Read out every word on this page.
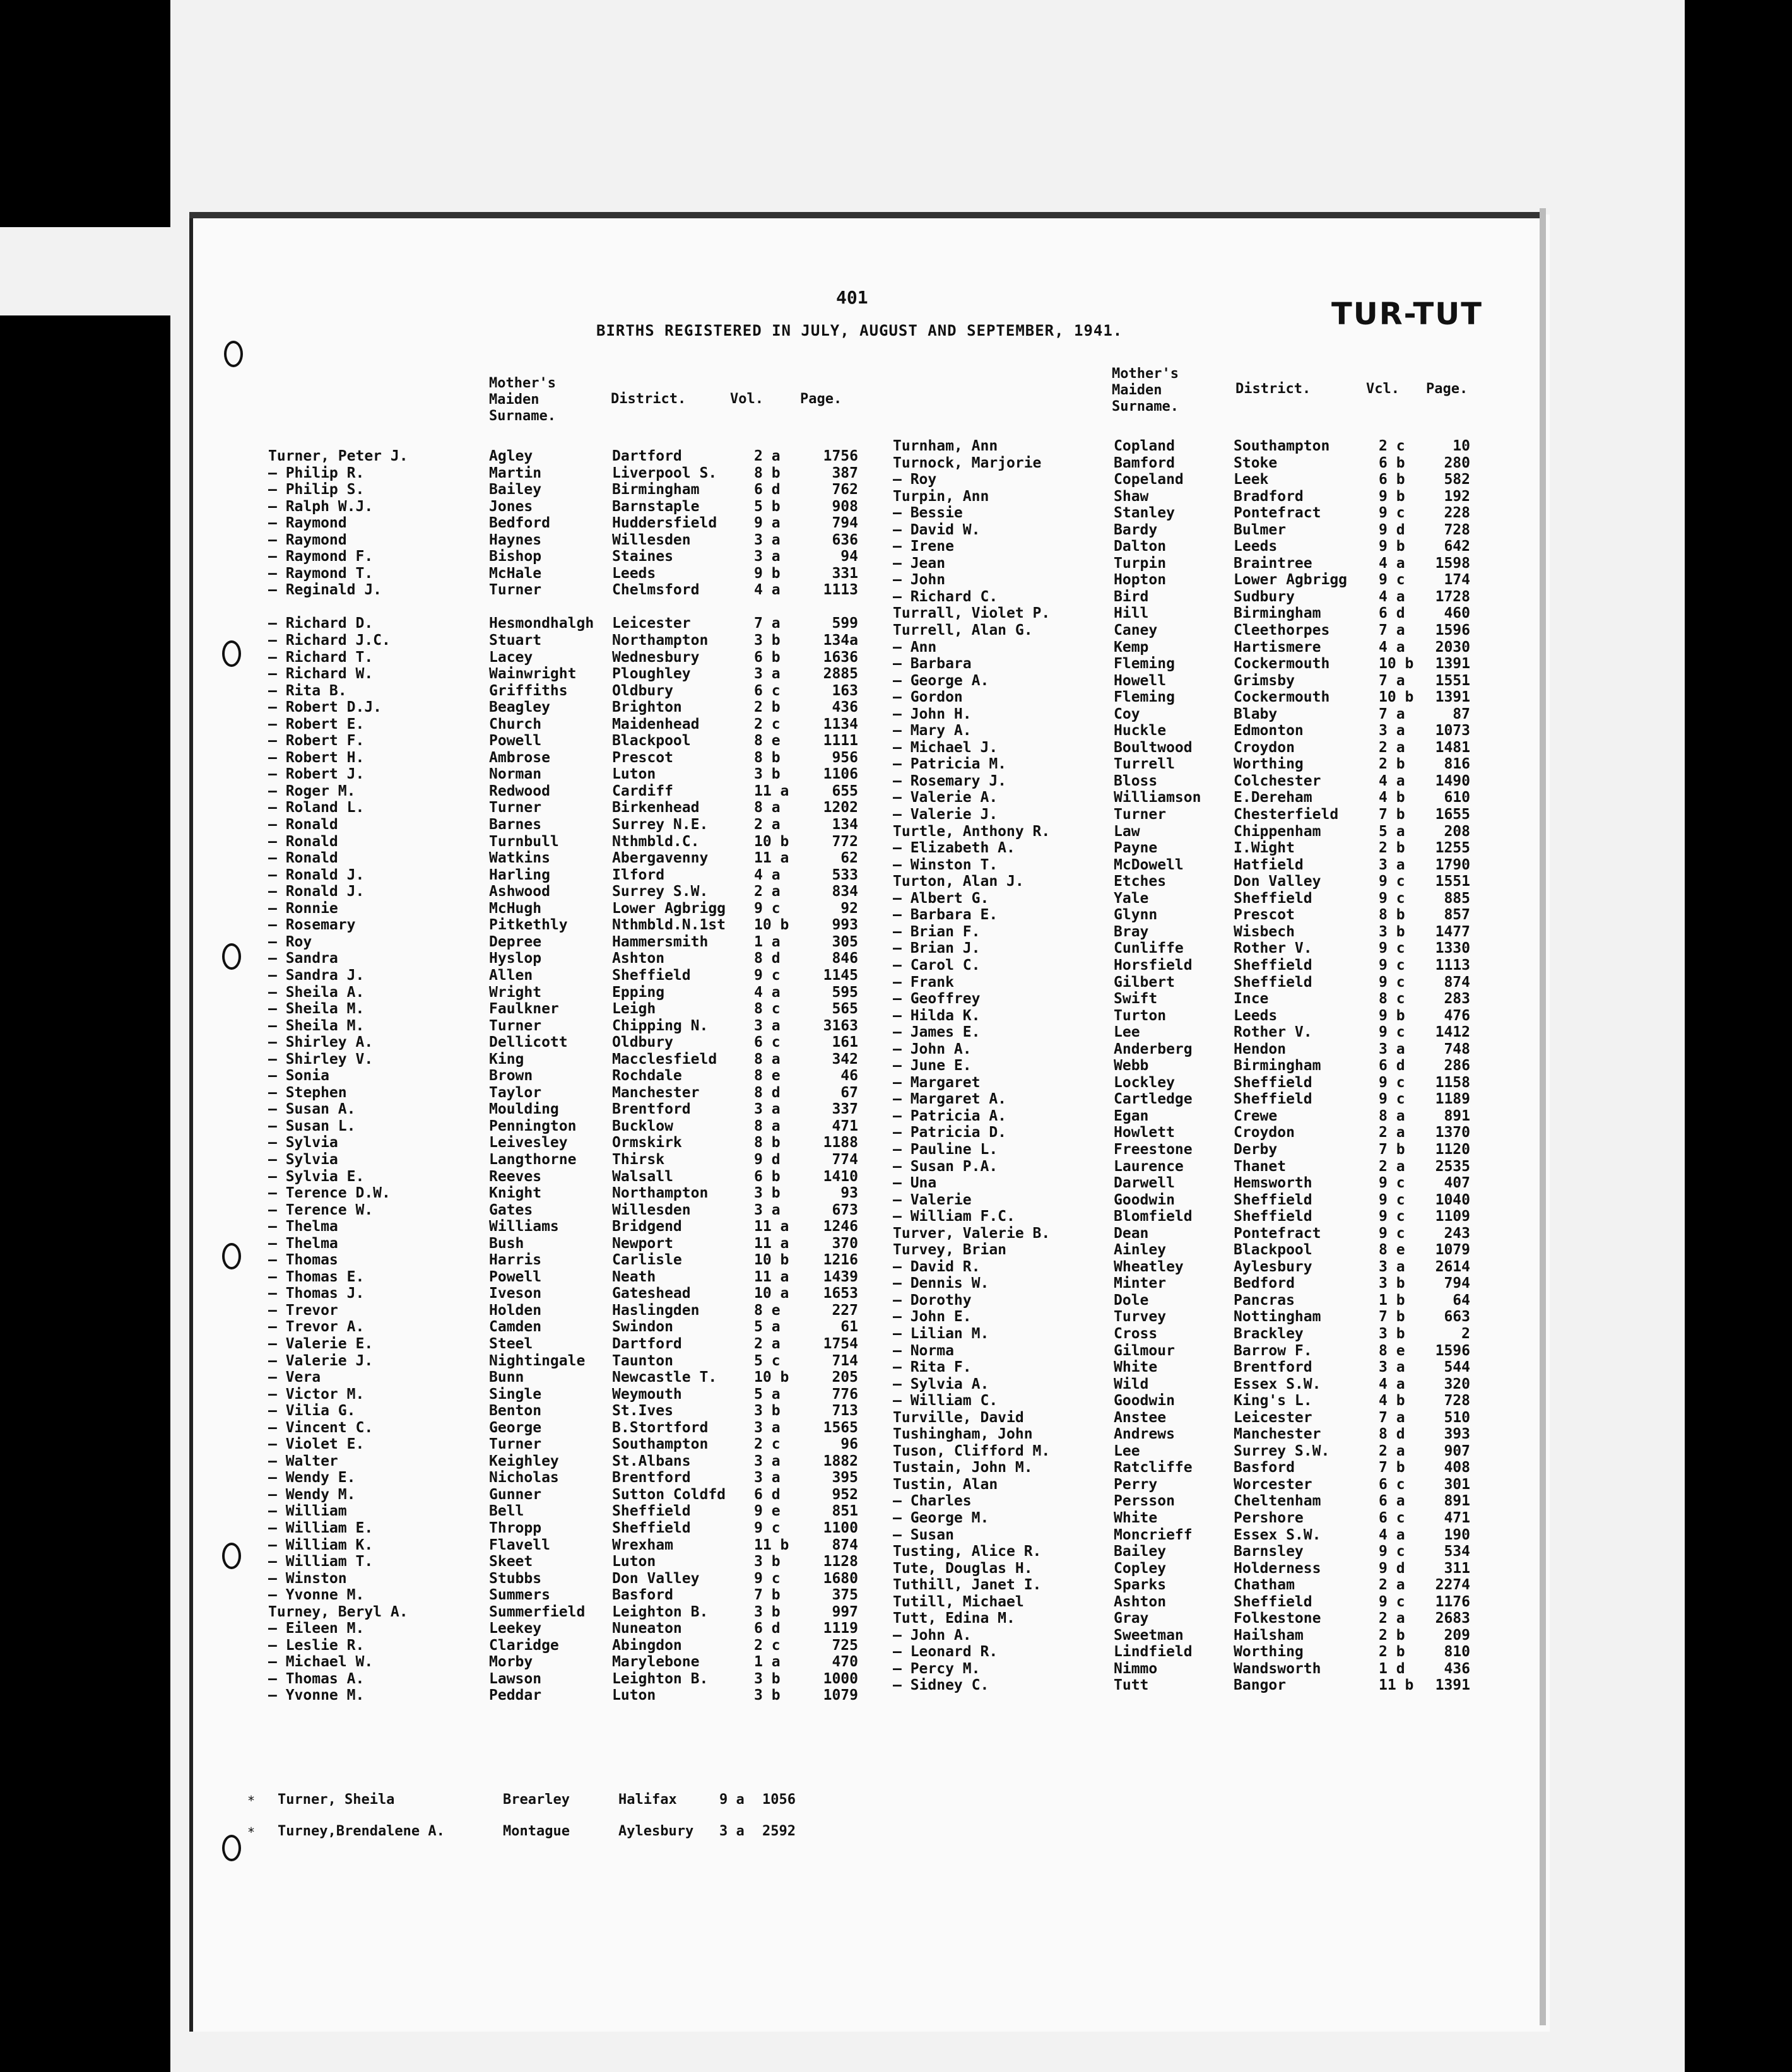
401
BIRTHS REGISTERED IN JULY, AUGUST AND SEPTEMBER, 1941.	TUR-TUT
Mother's Maiden Surname.
District.	Vol.	Page.
Mother's Maiden Surname.
District.	Vcl. Page.
Turner, Peter J.	Agley	Dartford	2 a	1756
— Philip R.	Martin	Liverpool S.	8 b	387
— Philip S.	Bailey	Birmingham	6 d	762
— Ralph W.J.	Jones	Barnstaple	5 b	908
— Raymond	Bedford	Huddersfield	9 a	794
— Raymond	Haynes	Willesden	3 a	636
— Raymond F.	Bishop	Staines	3 a	94
— Raymond T.	McHale	Leeds	9 b	331
— Reginald J.	Turner	Chelmsford	4 a	1113
— Richard D.	Hesmondhalgh Leicester	7 a	599
— Richard J.C.	Stuart	Northampton	3 b	134a
— Richard T.	Lacey	Wednesbury	6 b	1636
— Richard W.	Wainwright Ploughley	3 a	2885
— Rita B.	Griffiths	Oldbury	6 c	163
— Robert D.J.	Beagley	Brighton	2 b	436
— Robert E.	Church	Maidenhead	2 c	1134
— Robert F.	Powell	Blackpool	8 e	1111
— Robert H.	Ambrose	Prescot	8 b	956
— Robert J.	Norman	Luton	3 b	1106
— Roger M.	Redwood	Cardiff	11 a	655
— Roland L.	Turner	Birkenhead	8 a	1202
— Ronald	Barnes	Surrey N.E.	2 a	134
— Ronald	Turnbull	Nthmbld.C.	10 b	772
— Ronald	Watkins	Abergavenny	11 a	62
— Ronald J.	Harling	Ilford	4 a	533
— Ronald J.	Ashwood	Surrey S.W.	2 a	834
— Ronnie	McHugh	Lower Agbrigg 9 c	92
— Rosemary	Pitkethly	Nthmbld.N.1st 10 b	993
— Roy	Depree	Hammersmith	1 a	305
— Sandra	Hyslop	Ashton	8 d	846
— Sandra J.	Allen	Sheffield	9 c	1145
— Sheila A.	Wright	Epping	4 a	595
— Sheila M.	Faulkner	Leigh	8 c	565
— Sheila M.	Turner	Chipping N.	3 a	3163
— Shirley A.	Dellicott	Oldbury	6 c	161
— Shirley V.	King	Macclesfield	8 a	342
— Sonia	Brown	Rochdale	8 e	46
— Stephen	Taylor	Manchester	8 d	67
— Susan A.	Moulding	Brentford	3 a	337
— Susan L.	Pennington Bucklow	8 a	471
— Sylvia	Leivesley	Ormskirk	8 b	1188
— Sylvia	Langthorne Thirsk	9 d	774
— Sylvia E.	Reeves	Walsall	6 b	1410
— Terence D.W.	Knight	Northampton	3 b	93
— Terence W.	Gates	Willesden	3 a	673
— Thelma	Williams	Bridgend	11 a 1246
— Thelma	Bush	Newport	11 a	370
— Thomas	Harris	Carlisle	10 b 1216
— Thomas E.	Powell	Neath	11 a 1439
— Thomas J.	Iveson	Gateshead	10 a 1653
— Trevor	Holden	Haslingden	8 e	227
— Trevor A.	Camden	Swindon	5 a	61
— Valerie E.	Steel	Dartford	2 a	1754
— Valerie J.	Nightingale Taunton	5 c	714
— Vera	Bunn	Newcastle T.	10 b	205
— Victor M.	Single	Weymouth	5 a	776
— Vilia G.	Benton	St.Ives	3 b	713
— Vincent C.	George	B.Stortford	3 a	1565
— Violet E.	Turner	Southampton	2 c	96
— Walter	Keighley	St.Albans	3 a	1882
— Wendy E.	Nicholas	Brentford	3 a	395
— Wendy M.	Gunner	Sutton Coldfd 6 d	952
— William	Bell	Sheffield	9 e	851
— William E.	Thropp	Sheffield	9 c	1100
— William K.	Flavell	Wrexham	11 b	874
— William T.	Skeet	Luton	3 b	1128
— Winston	Stubbs	Don Valley	9 c	1680
— Yvonne M.	Summers	Basford	7 b	375
Turney, Beryl A.	Summerfield Leighton B.	3 b	997
— Eileen M.	Leekey	Nuneaton	6 d	1119
— Leslie R.	Claridge	Abingdon	2 c	725
— Michael W.	Morby	Marylebone	1 a	470
— Thomas A.	Lawson	Leighton B.	3 b	1000
— Yvonne M.	Peddar	Luton	3 b	1079
Turnham, Ann	Copland	Southampton	2 c	10
Turnock, Marjorie	Bamford	Stoke	6 b	280
— Roy	Copeland	Leek	6 b	582
Turpin, Ann	Shaw	Bradford	9 b	192
— Bessie	Stanley	Pontefract	9 c	228
— David W.	Bardy	Bulmer	9 d	728
— Irene	Dalton	Leeds	9 b	642
— Jean	Turpin	Braintree	4 a 1598
— John	Hopton	Lower Agbrigg 9 c	174
— Richard C.	Bird	Sudbury	4 a 1728
Turrall, Violet P.	Hill	Birmingham	6 d	460
Turrell, Alan G.	Caney	Cleethorpes	7 a 1596
— Ann	Kemp	Hartismere	4 a 2030
— Barbara	Fleming	Cockermouth	10 b 1391
— George A.	Howell	Grimsby	7 a 1551
— Gordon	Fleming	Cockermouth	10 b 1391
— John H.	Coy	Blaby	7 a	87
— Mary A.	Huckle	Edmonton	3 a 1073
— Michael J.	Boultwood	Croydon	2 a 1481
— Patricia M.	Turrell	Worthing	2 b	816
— Rosemary J.	Bloss	Colchester	4 a 1490
— Valerie A.	Williamson E.Dereham	4 b	610
— Valerie J.	Turner	Chesterfield	7 b 1655
Turtle, Anthony R.	Law	Chippenham	5 a	208
— Elizabeth A.	Payne	I.Wight	2 b 1255
— Winston T.	McDowell	Hatfield	3 a 1790
Turton, Alan J.	Etches	Don Valley	9 c 1551
— Albert G.	Yale	Sheffield	9 c	885
— Barbara E.	Glynn	Prescot	8 b	857
— Brian F.	Bray	Wisbech	3 b 1477
— Brian J.	Cunliffe	Rother V.	9 c 1330
— Carol C.	Horsfield	Sheffield	9 c 1113
— Frank	Gilbert	Sheffield	9 c	874
— Geoffrey	Swift	Ince	8 c	283
— Hilda K.	Turton	Leeds	9 b	476
— James E.	Lee	Rother V.	9 c 1412
— John A.	Anderberg	Hendon	3 a	748
— June E.	Webb	Birmingham	6 d	286
— Margaret	Lockley	Sheffield	9 c 1158
— Margaret A.	Cartledge	Sheffield	9 c 1189
— Patricia A.	Egan	Crewe	8 a	891
— Patricia D.	Howlett	Croydon	2 a 1370
— Pauline L.	Freestone	Derby	7 b 1120
— Susan P.A.	Laurence	Thanet	2 a 2535
— Una	Darwell	Hemsworth	9 c	407
— Valerie	Goodwin	Sheffield	9 c 1040
— William F.C.	Blomfield	Sheffield	9 c 1109
Turver, Valerie B.	Dean	Pontefract	9 c	243
Turvey, Brian	Ainley	Blackpool	8 e 1079
— David R.	Wheatley	Aylesbury	3 a 2614
— Dennis W.	Minter	Bedford	3 b	794
— Dorothy	Dole	Pancras	1 b	64
— John E.	Turvey	Nottingham	7 b	663
— Lilian M.	Cross	Brackley	3 b	2
— Norma	Gilmour	Barrow F.	8 e 1596
— Rita F.	White	Brentford	3 a	544
— Sylvia A.	Wild	Essex S.W.	4 a	320
— William C.	Goodwin	King's L.	4 b	728
Turville, David	Anstee	Leicester	7 a	510
Tushingham, John	Andrews	Manchester	8 d	393
Tuson, Clifford M.	Lee	Surrey S.W.	2 a	907
Tustain, John M.	Ratcliffe	Basford	7 b	408
Tustin, Alan	Perry	Worcester	6 c	301
— Charles	Persson	Cheltenham	6 a	891
— George M.	White	Pershore	6 c	471
— Susan	Moncrieff	Essex S.W.	4 a	190
Tusting, Alice R.	Bailey	Barnsley	9 c	534
Tute, Douglas H.	Copley	Holderness	9 d	311
Tuthill, Janet I.	Sparks	Chatham	2 a 2274
Tutill, Michael	Ashton	Sheffield	9 c 1176
Tutt, Edina M.	Gray	Folkestone	2 a 2683
— John A.	Sweetman	Hailsham	2 b	209
— Leonard R.	Lindfield	Worthing	2 b	810
— Percy M.	Nimmo	Wandsworth	1 d	436
— Sidney C.	Tutt	Bangor	11 b 1391
Turner, Sheila	Brearley	Halifax	9 a 1056
Turney,Brendalene A.	Montague	Aylesbury 3 a 2592
*
*
